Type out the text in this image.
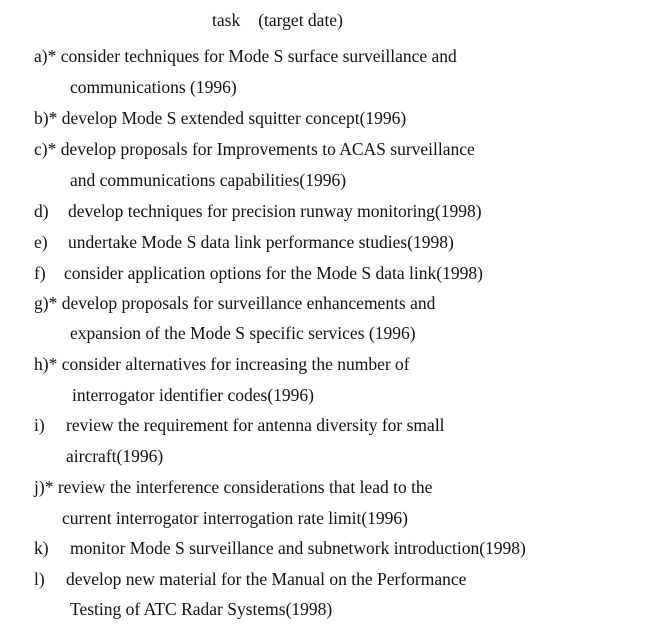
task (target date)
a)* consider techniques for Mode S surface surveillance and
communications (1996)
b)* develop Mode S extended squitter concept(1996)
c)* develop proposals for Improvements to ACAS surveillance
and communications capabilities(1996)
d) develop techniques for precision runway monitoring(1998)
e) undertake Mode S data link performance studies(1998)
f) consider application options for the Mode S data link(1998)
g)* develop proposals for surveillance enhancements and
expansion of the Mode S specific services (1996)
h)* consider alternatives for increasing the number of
interrogator identifier codes(1996)
i) review the requirement for antenna diversity for small
aircraft(1996)
j)* review the interference considerations that lead to the
current interrogator interrogation rate limit(1996)
k) monitor Mode S surveillance and subnetwork introduction(1998)
l) develop new material for the Manual on the Performance
Testing of ATC Radar Systems(1998)
